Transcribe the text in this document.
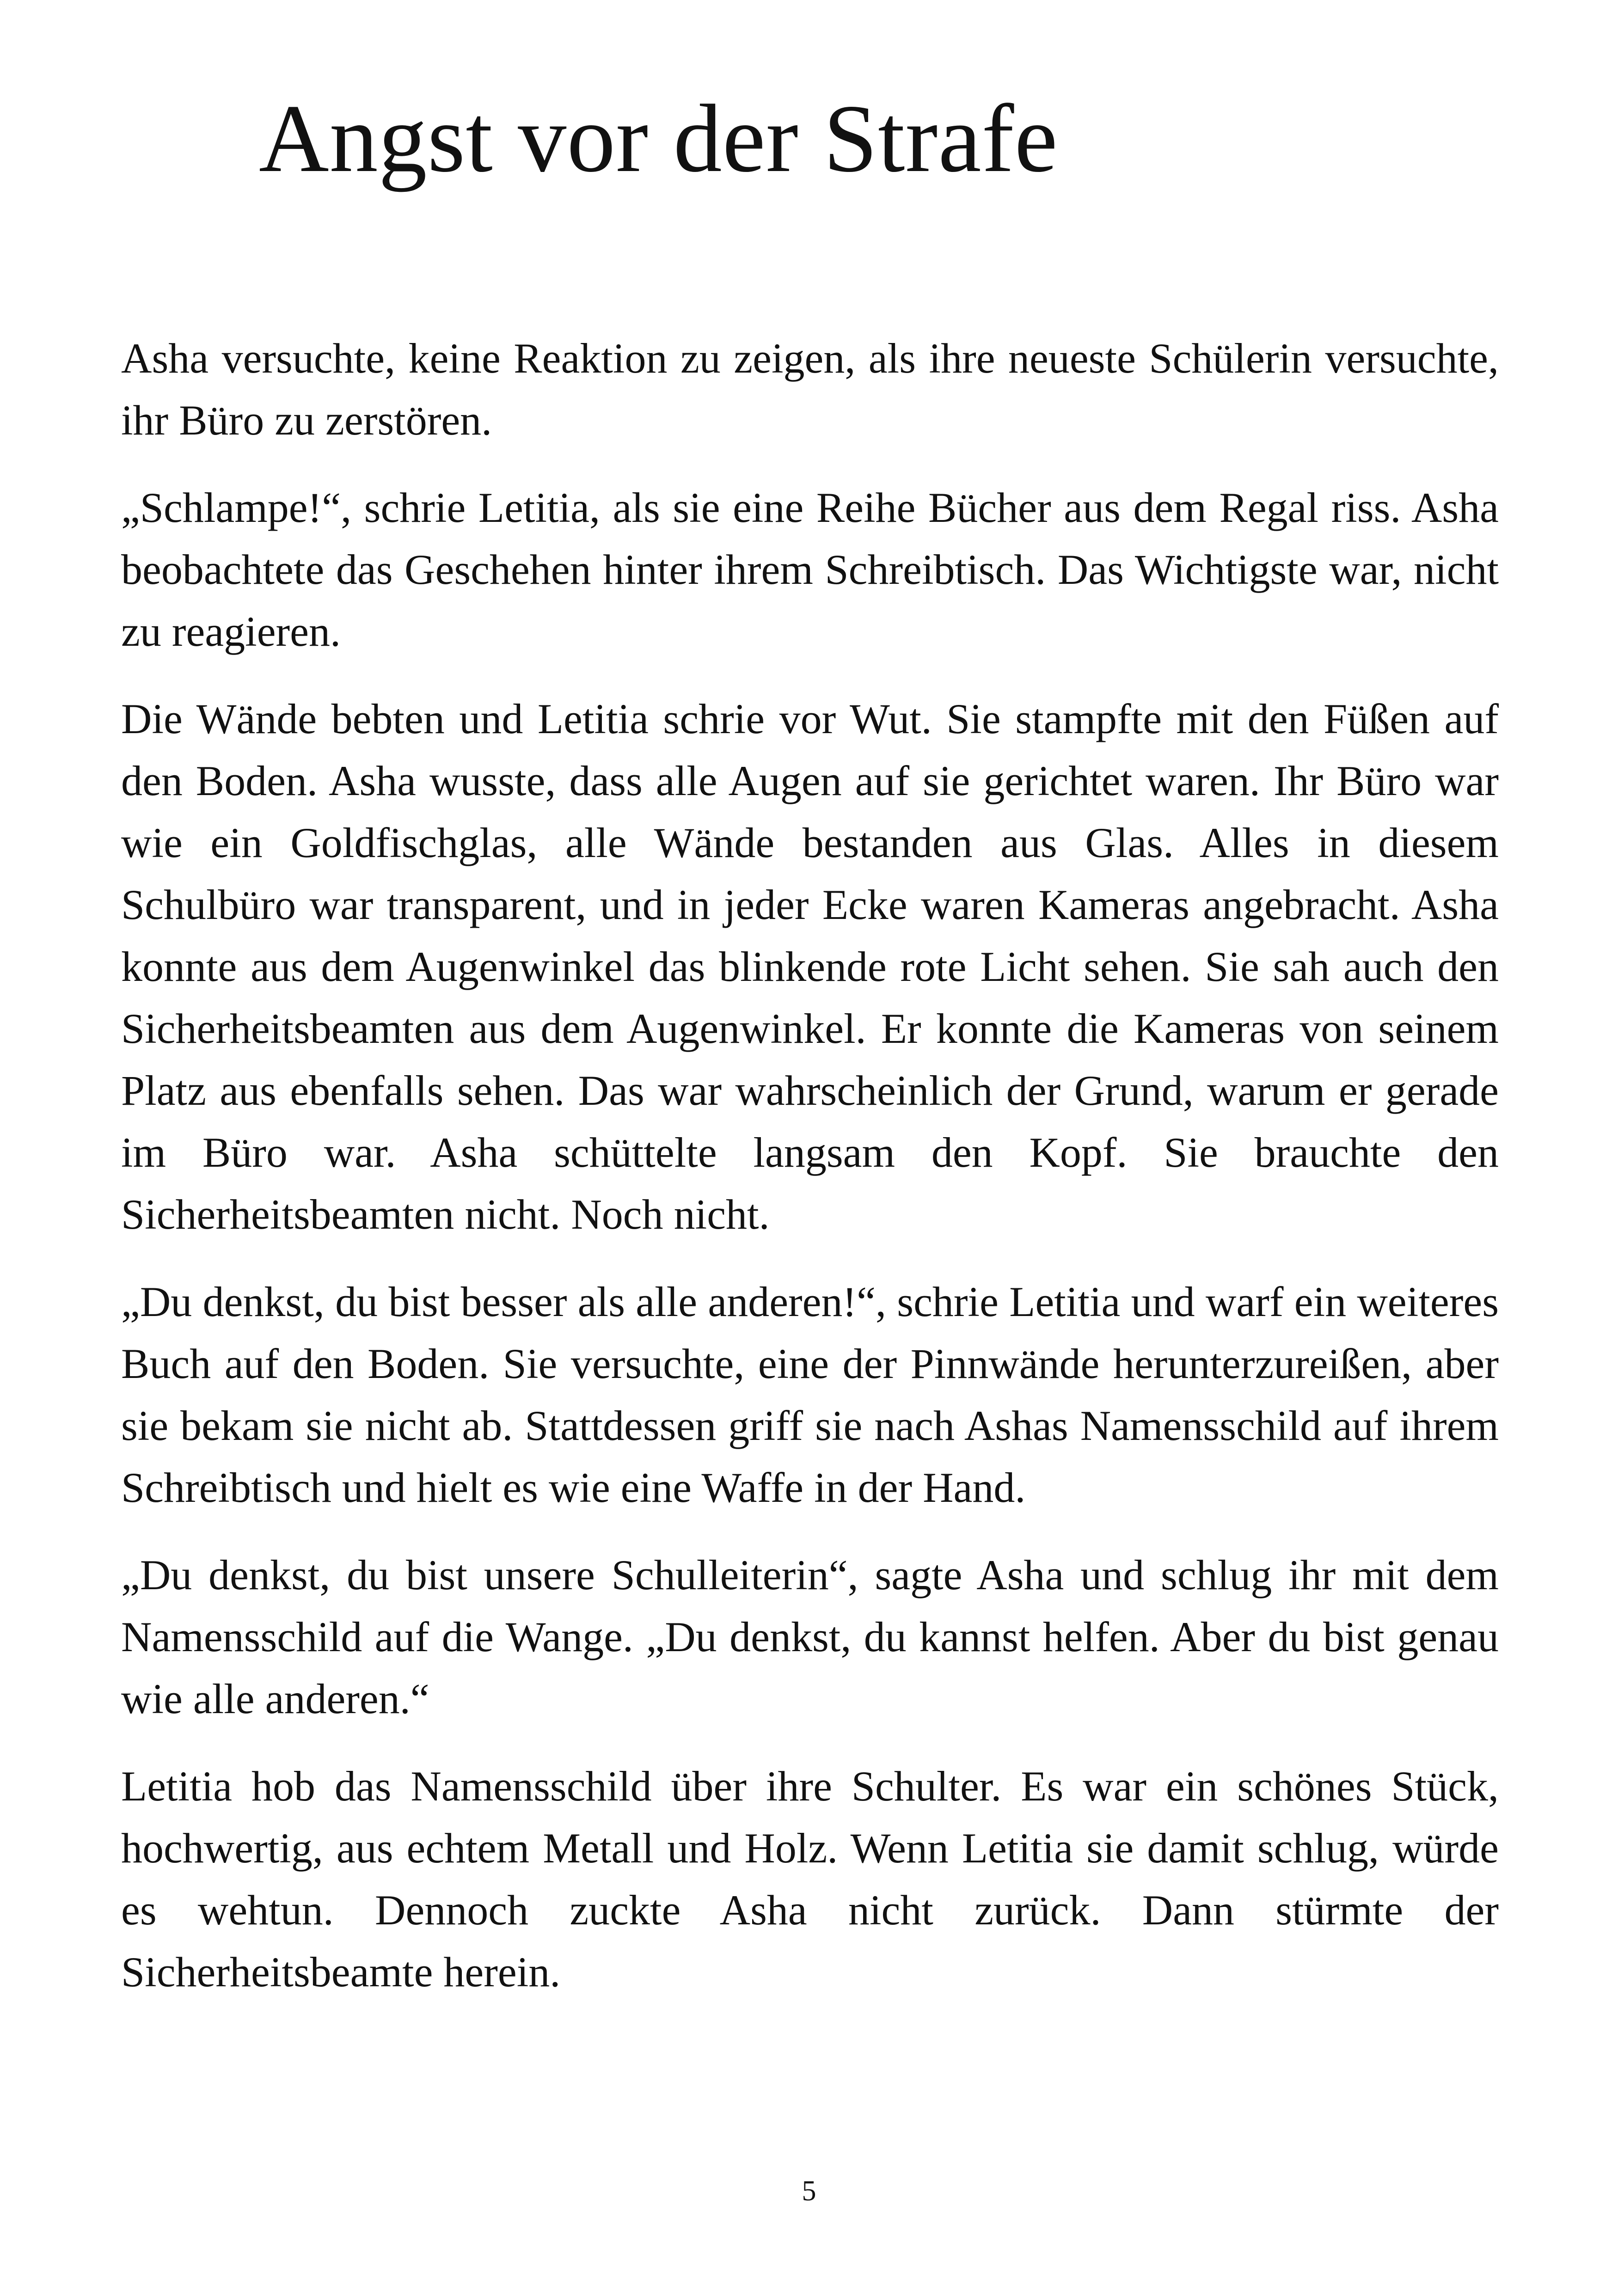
Angst vor der Strafe

Asha versuchte, keine Reaktion zu zeigen, als ihre neueste Schülerin versuchte, ihr Büro zu zerstören.

„Schlampe!“, schrie Letitia, als sie eine Reihe Bücher aus dem Regal riss. Asha beobachtete das Geschehen hinter ihrem Schreibtisch. Das Wichtigste war, nicht zu reagieren.

Die Wände bebten und Letitia schrie vor Wut. Sie stampfte mit den Füßen auf den Boden. Asha wusste, dass alle Augen auf sie gerichtet waren. Ihr Büro war wie ein Goldfischglas, alle Wände bestanden aus Glas. Alles in diesem Schulbüro war transparent, und in jeder Ecke waren Kameras angebracht. Asha konnte aus dem Augenwinkel das blinkende rote Licht sehen. Sie sah auch den Sicherheitsbeamten aus dem Augenwinkel. Er konnte die Kameras von seinem Platz aus ebenfalls sehen. Das war wahrscheinlich der Grund, warum er gerade im Büro war. Asha schüttelte langsam den Kopf. Sie brauchte den Sicherheitsbeamten nicht. Noch nicht.

„Du denkst, du bist besser als alle anderen!“, schrie Letitia und warf ein weiteres Buch auf den Boden. Sie versuchte, eine der Pinnwände herunterzureißen, aber sie bekam sie nicht ab. Stattdessen griff sie nach Ashas Namensschild auf ihrem Schreibtisch und hielt es wie eine Waffe in der Hand.

„Du denkst, du bist unsere Schulleiterin“, sagte Asha und schlug ihr mit dem Namensschild auf die Wange. „Du denkst, du kannst helfen. Aber du bist genau wie alle anderen.“

Letitia hob das Namensschild über ihre Schulter. Es war ein schönes Stück, hochwertig, aus echtem Metall und Holz. Wenn Letitia sie damit schlug, würde es wehtun. Dennoch zuckte Asha nicht zurück. Dann stürmte der Sicherheitsbeamte herein.

5
